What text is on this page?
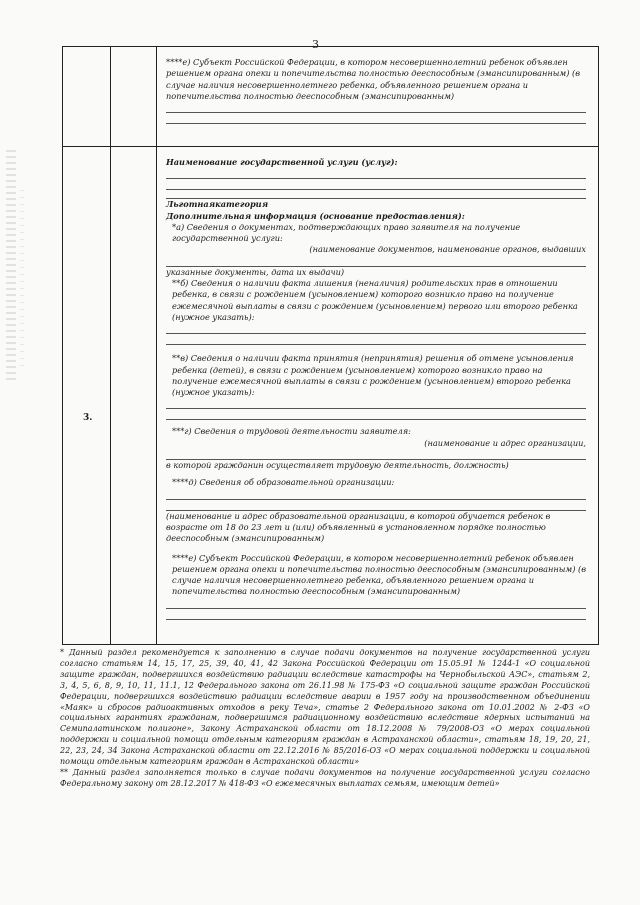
3
3.

****e) Субъект Российской Федерации, в котором несовершеннолетний ребенок объявлен решением органа опеки и попечительства полностью дееспособным (эмансипированным) (в случае наличия несовершеннолетнего ребенка, объявленного решением органа и попечительства полностью дееспособным (эмансипированным)

Наименование государственной услуги (услуг):

Льготнаякатегория

Дополнительная информация (основание предоставления):

*а) Сведения о документах, подтверждающих право заявителя на получение государственной услуги:

(наименование документов, наименование органов, выдавших

указанные документы, дата их выдачи)

**б) Сведения о наличии факта лишения (неналичия) родительских прав в отношении ребенка, в связи с рождением (усыновлением) которого возникло право на получение ежемесячной выплаты в связи с рождением (усыновлением) первого или второго ребенка (нужное указать):

**в) Сведения о наличии факта принятия (непринятия) решения об отмене усыновления ребенка (детей), в связи с рождением (усыновлением) которого возникло право на получение ежемесячной выплаты в связи с рождением (усыновлением) второго ребенка (нужное указать):

***г) Сведения о трудовой деятельности заявителя:

(наименование и адрес организации,

в которой гражданин осуществляет трудовую деятельность, должность)

****д) Сведения об образовательной организации:

(наименование и адрес образовательной организации, в которой обучается ребенок в возрасте от 18 до 23 лет и (или) объявленный в установленном порядке полностью дееспособным (эмансипированным)

****е) Субъект Российской Федерации, в котором несовершеннолетний ребенок объявлен решением органа опеки и попечительства полностью дееспособным (эмансипированным) (в случае наличия несовершеннолетнего ребенка, объявленного решением органа и попечительства полностью дееспособным (эмансипированным)

* Данный раздел рекомендуется к заполнению в случае подачи документов на получение государственной услуги согласно статьям 14, 15, 17, 25, 39, 40, 41, 42 Закона Российской Федерации от 15.05.91 № 1244-1 «О социальной защите граждан, подвергшихся воздействию радиации вследствие катастрофы на Чернобыльской АЭС», статьям 2, 3, 4, 5, 6, 8, 9, 10, 11, 11.1, 12 Федерального закона от 26.11.98 № 175-ФЗ «О социальной защите граждан Российской Федерации, подвергшихся воздействию радиации вследствие аварии в 1957 году на производственном объединении «Маяк» и сбросов радиоактивных отходов в реку Теча», статье 2 Федерального закона от 10.01.2002 № 2-ФЗ «О социальных гарантиях гражданам, подвергшимся радиационному воздействию вследствие ядерных испытаний на Семипалатинском полигоне», Закону Астраханской области от 18.12.2008 № 79/2008-ОЗ «О мерах социальной поддержки и социальной помощи отдельным категориям граждан в Астраханской области», статьям 18, 19, 20, 21, 22, 23, 24, 34 Закона Астраханской области от 22.12.2016 № 85/2016-ОЗ «О мерах социальной поддержки и социальной помощи отдельным категориям граждан в Астраханской области»

** Данный раздел заполняется только в случае подачи документов на получение государственной услуги согласно Федеральному закону от 28.12.2017 № 418-ФЗ «О ежемесячных выплатах семьям, имеющим детей»
